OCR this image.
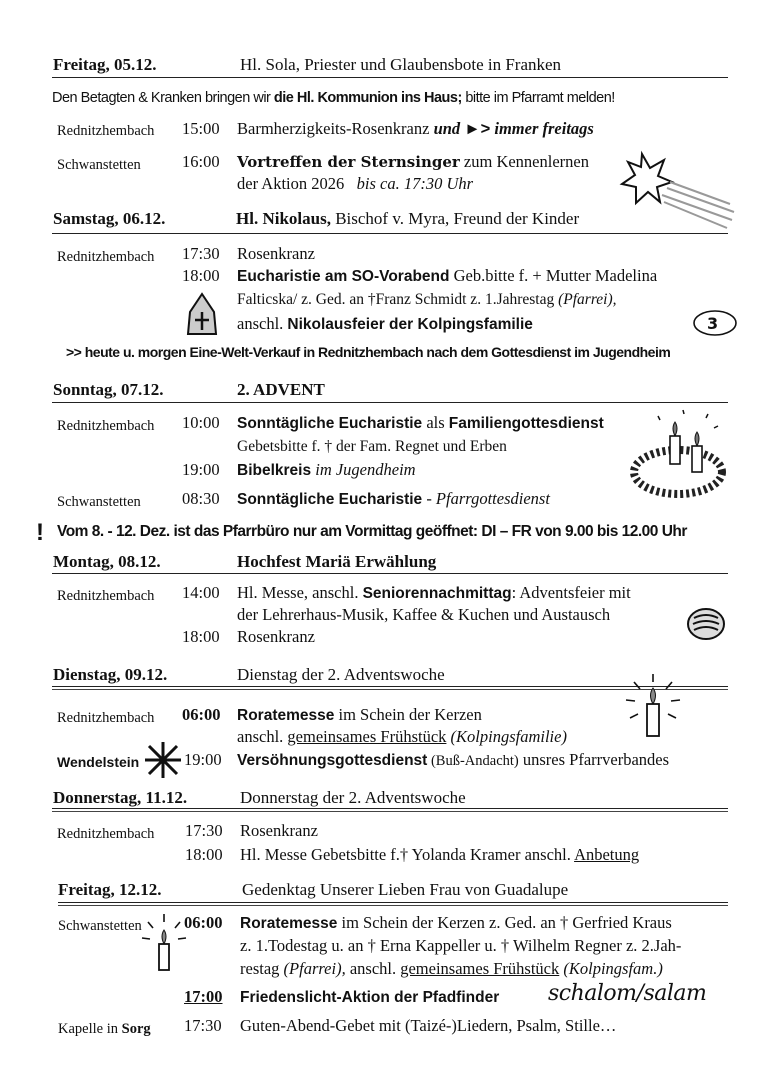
Freitag, 05.12.	Hl. Sola, Priester und Glaubensbote in Franken
Den Betagten & Kranken bringen wir die Hl. Kommunion ins Haus; bitte im Pfarramt melden!
Rednitzhembach 15:00 Barmherzigkeits-Rosenkranz und ►> immer freitags
Schwanstetten 16:00 Vortreffen der Sternsinger zum Kennenlernen
der Aktion 2026 bis ca. 17:30 Uhr
Samstag, 06.12.	Hl. Nikolaus, Bischof v. Myra, Freund der Kinder
Rednitzhembach 17:30 Rosenkranz
18:00 Eucharistie am SO-Vorabend Geb.bitte f. + Mutter Madelina
Falticska/ z. Ged. an †Franz Schmidt z. 1.Jahrestag (Pfarrei),
anschl. Nikolausfeier der Kolpingsfamilie	3
>> heute u. morgen Eine-Welt-Verkauf in Rednitzhembach nach dem Gottesdienst im Jugendheim
Sonntag, 07.12.	2. ADVENT
Rednitzhembach 10:00 Sonntägliche Eucharistie als Familiengottesdienst
Gebetsbitte f. † der Fam. Regnet und Erben
19:00 Bibelkreis im Jugendheim
Schwanstetten 08:30 Sonntägliche Eucharistie - Pfarrgottesdienst
! Vom 8. - 12. Dez. ist das Pfarrbüro nur am Vormittag geöffnet: DI – FR von 9.00 bis 12.00 Uhr
Montag, 08.12.	Hochfest Mariä Erwählung
Rednitzhembach 14:00 Hl. Messe, anschl. Seniorennachmittag: Adventsfeier mit
der Lehrerhaus-Musik, Kaffee & Kuchen und Austausch
18:00 Rosenkranz
Dienstag, 09.12.	Dienstag der 2. Adventswoche
Rednitzhembach 06:00 Roratemesse im Schein der Kerzen
anschl. gemeinsames Frühstück (Kolpingsfamilie)
Wendelstein	19:00 Versöhnungsgottesdienst (Buß-Andacht) unsres Pfarrverbandes
Donnerstag, 11.12.	Donnerstag der 2. Adventswoche
Rednitzhembach 17:30 Rosenkranz
18:00 Hl. Messe Gebetsbitte f.† Yolanda Kramer anschl. Anbetung
Freitag, 12.12.	Gedenktag Unserer Lieben Frau von Guadalupe
Schwanstetten	06:00 Roratemesse im Schein der Kerzen z. Ged. an † Gerfried Kraus
z. 1.Todestag u. an † Erna Kappeller u. † Wilhelm Regner z. 2.Jah-
restag (Pfarrei), anschl. gemeinsames Frühstück (Kolpingsfam.)
17:00 Friedenslicht-Aktion der Pfadfinder schalom/salam
Kapelle in Sorg 17:30 Guten-Abend-Gebet mit (Taizé-)Liedern, Psalm, Stille…
